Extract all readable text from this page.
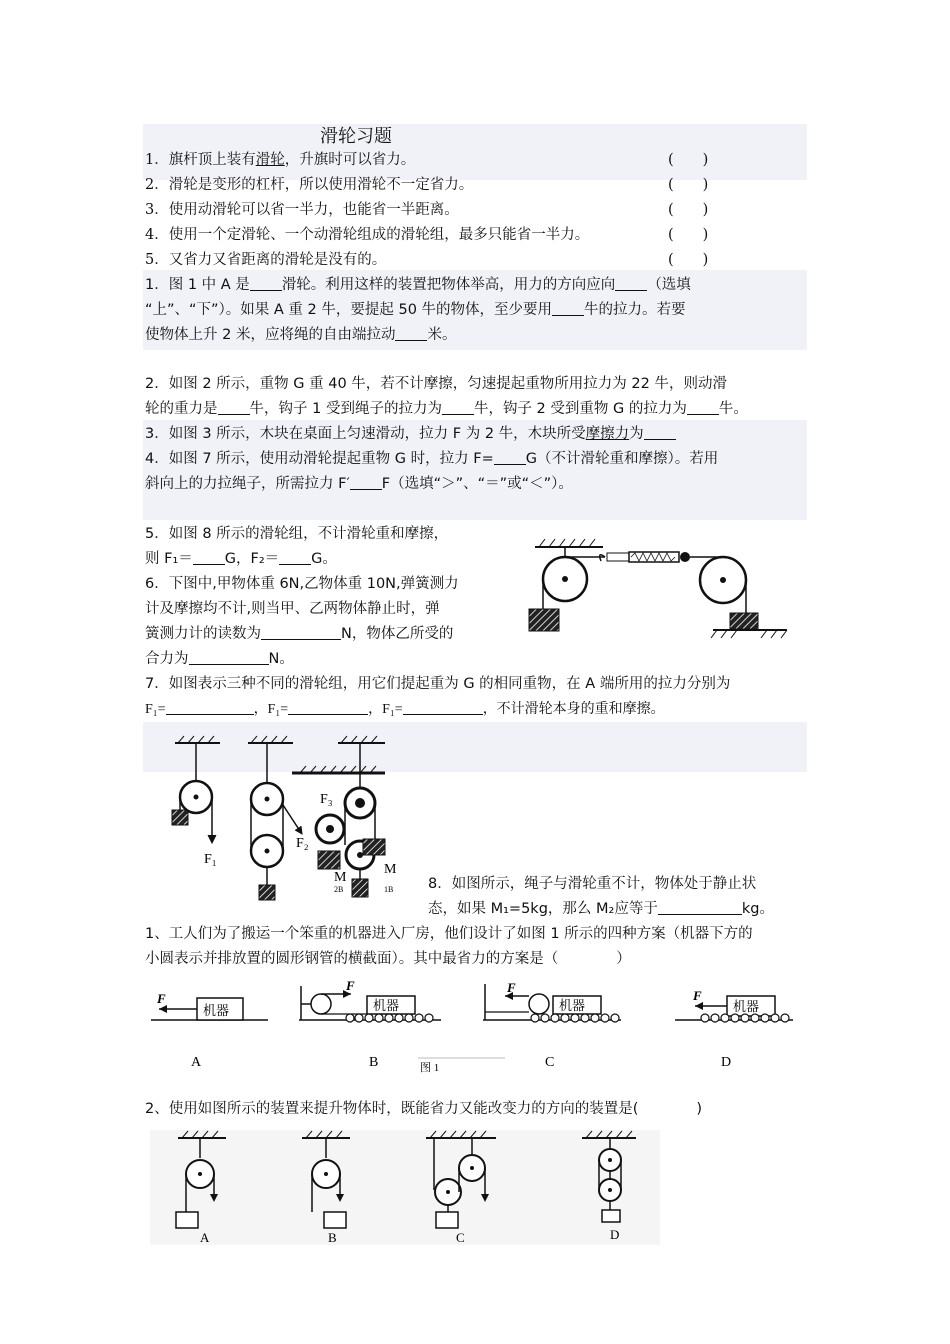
滑轮习题
1．旗杆顶上装有滑轮，升旗时可以省力。	(　　)
2．滑轮是变形的杠杆，所以使用滑轮不一定省力。	(　　)
3．使用动滑轮可以省一半力，也能省一半距离。	(　　)
4．使用一个定滑轮、一个动滑轮组成的滑轮组，最多只能省一半力。	(　　)
5．又省力又省距离的滑轮是没有的。	(　　)
1．图 1 中 A 是 滑轮。利用这样的装置把物体举高，用力的方向应向 （选填
“上”、“下”）。如果 A 重 2 牛，要提起 50 牛的物体，至少要用 牛的拉力。若要
使物体上升 2 米，应将绳的自由端拉动 米。
2．如图 2 所示，重物 G 重 40 牛，若不计摩擦，匀速提起重物所用拉力为 22 牛，则动滑
轮的重力是 牛，钩子 1 受到绳子的拉力为 牛，钩子 2 受到重物 G 的拉力为 牛。
3．如图 3 所示，木块在桌面上匀速滑动，拉力 F 为 2 牛，木块所受摩擦力为
4．如图 7 所示，使用动滑轮提起重物 G 时，拉力 F= G（不计滑轮重和摩擦）。若用
斜向上的力拉绳子，所需拉力 F′ F（选填“＞”、“＝”或“＜”）。
5．如图 8 所示的滑轮组，不计滑轮重和摩擦，
则 F₁＝ G，F₂＝ G。
6．下图中,甲物体重 6N,乙物体重 10N,弹簧测力
计及摩擦均不计,则当甲、乙两物体静止时，弹
簧测力计的读数为	N，物体乙所受的
合力为	N。
7．如图表示三种不同的滑轮组，用它们提起重为 G 的相同重物，在 A 端所用的拉力分别为
F₁=	，F₁=	，F₁=	，不计滑轮本身的重和摩擦。
8．如图所示，绳子与滑轮重不计，物体处于静止状
态，如果 M₁=5kg，那么 M₂应等于	kg。
1、工人们为了搬运一个笨重的机器进入厂房，他们设计了如图 1 所示的四种方案（机器下方的
小圆表示并排放置的圆形钢管的横截面）。其中最省力的方案是（　　　　）
2、使用如图所示的装置来提升物体时，既能省力又能改变力的方向的装置是(　　　　)
F₁
F₂
F₃
M
M
1B
2B
机器
F
A
F
机器
B
F
机器
C
机器
F
D
图 1
A	B	C	D
